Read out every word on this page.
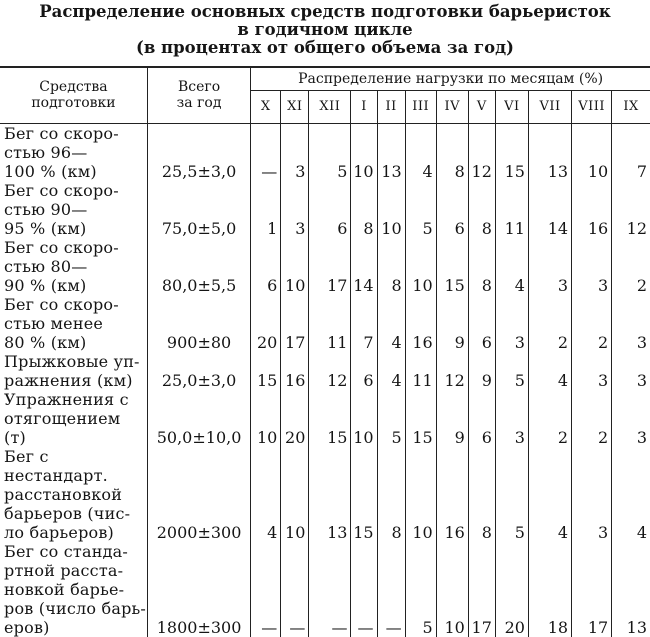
Распределение основных средств подготовки барьеристок
в годичном цикле
(в процентах от общего объема за год)
Средства
подготовки	Всего
за год	Распределение нагрузки по месяцам (%)											
		X	XI	XII	I	II	III	IV	V	VI	VII	VIII	IX
Бег со скоро-
стью 96—
100 % (км)	25,5±3,0	—	3	5	10	13	4	8	12	15	13	10	7
Бег со скоро-
стью 90—
95 % (км)	75,0±5,0	1	3	6	8	10	5	6	8	11	14	16	12
Бег со скоро-
стью 80—
90 % (км)	80,0±5,5	6	10	17	14	8	10	15	8	4	3	3	2
Бег со скоро-
стью менее
80 % (км)	900±80	20	17	11	7	4	16	9	6	3	2	2	3
Прыжковые уп-
ражнения (км)	25,0±3,0	15	16	12	6	4	11	12	9	5	4	3	3
Упражнения с
отягощением
(т)	50,0±10,0	10	20	15	10	5	15	9	6	3	2	2	3
Бег с нестандарт.
расстановкой
барьеров (чис-
ло барьеров)	2000±300	4	10	13	15	8	10	16	8	5	4	3	4
Бег со станда-
ртной расста-
новкой барье-
ров (число барь-
еров)	1800±300	—	—	—	—	—	5	10	17	20	18	17	13
